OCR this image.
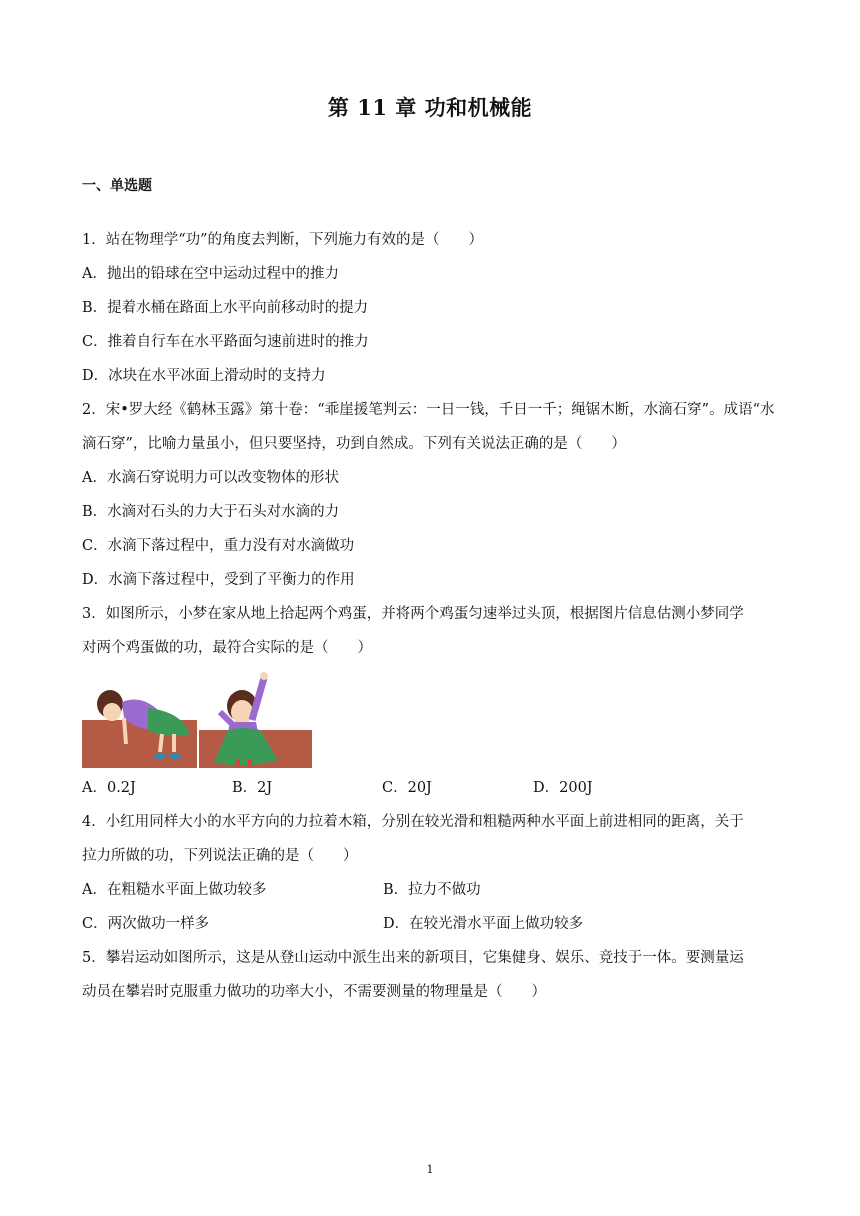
第 11 章 功和机械能
一、单选题
1．站在物理学“功”的角度去判断，下列施力有效的是（　　）
A．抛出的铅球在空中运动过程中的推力
B．提着水桶在路面上水平向前移动时的提力
C．推着自行车在水平路面匀速前进时的推力
D．冰块在水平冰面上滑动时的支持力
2．宋•罗大经《鹤林玉露》第十卷：“乖崖援笔判云：一日一钱，千日一千；绳锯木断，水滴石穿”。成语“水
滴石穿”，比喻力量虽小，但只要坚持，功到自然成。下列有关说法正确的是（　　）
A．水滴石穿说明力可以改变物体的形状
B．水滴对石头的力大于石头对水滴的力
C．水滴下落过程中，重力没有对水滴做功
D．水滴下落过程中，受到了平衡力的作用
3．如图所示，小梦在家从地上拾起两个鸡蛋，并将两个鸡蛋匀速举过头顶，根据图片信息估测小梦同学
对两个鸡蛋做的功，最符合实际的是（　　）
A．0.2J	B．2J	C．20J	D．200J
4．小红用同样大小的水平方向的力拉着木箱，分别在较光滑和粗糙两种水平面上前进相同的距离，关于
拉力所做的功，下列说法正确的是（　　）
A．在粗糙水平面上做功较多	B．拉力不做功
C．两次做功一样多	D．在较光滑水平面上做功较多
5．攀岩运动如图所示，这是从登山运动中派生出来的新项目，它集健身、娱乐、竞技于一体。要测量运
动员在攀岩时克服重力做功的功率大小，不需要测量的物理量是（　　）
1
